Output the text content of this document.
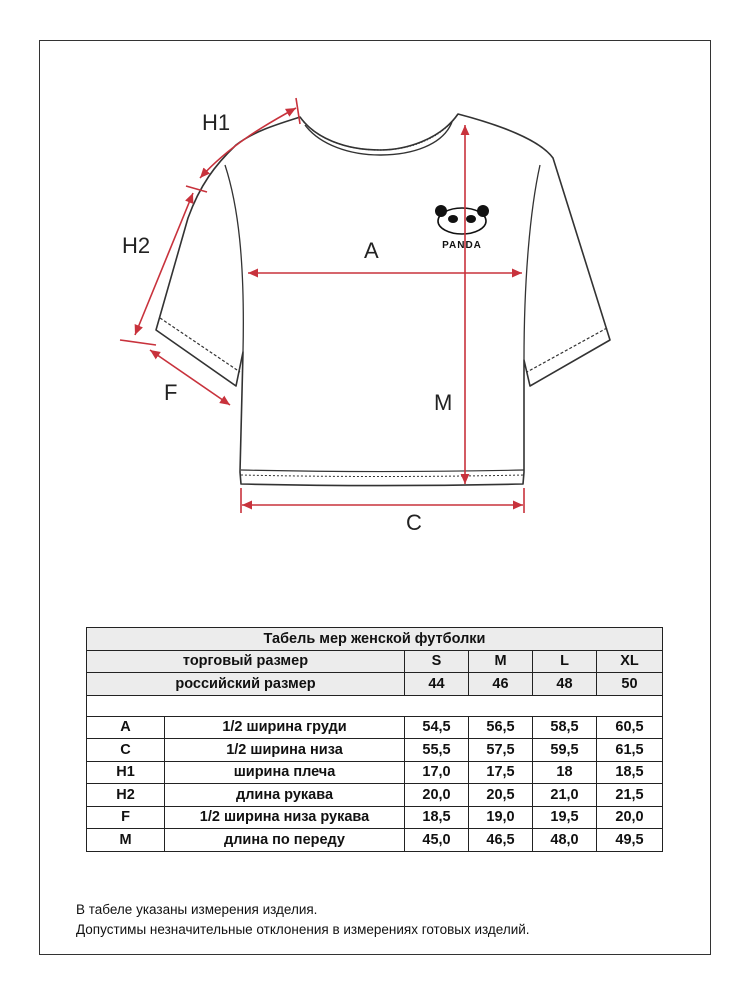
PANDA
H1
H2	A
F	M
C
Табель мер женской футболки					
торговый размер		S	M	L	XL
российский размер		44	46	48	50

A	1/2 ширина груди	54,5	56,5	58,5	60,5
C	1/2 ширина низа	55,5	57,5	59,5	61,5
H1	ширина плеча	17,0	17,5	18	18,5
H2	длина рукава	20,0	20,5	21,0	21,5
F	1/2 ширина низа рукава	18,5	19,0	19,5	20,0
M	длина по переду	45,0	46,5	48,0	49,5
В табеле указаны измерения изделия.
Допустимы незначительные отклонения в измерениях готовых изделий.
